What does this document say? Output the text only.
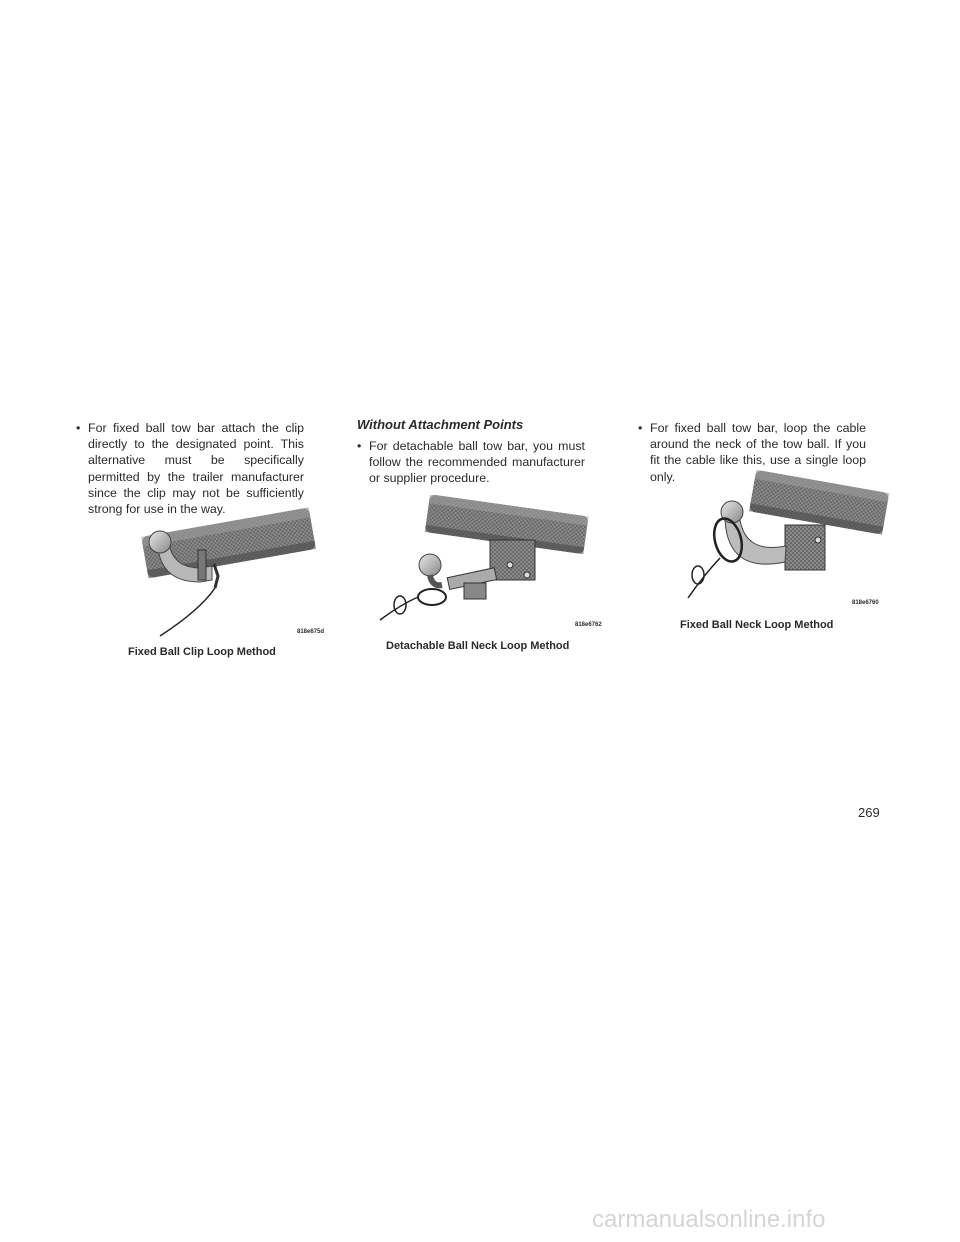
• For fixed ball tow bar attach the clip directly to the designated point. This alternative must be specifically permitted by the trailer manufacturer since the clip may not be sufficiently strong for use in the way.
818e675d
Fixed Ball Clip Loop Method
Without Attachment Points
• For detachable ball tow bar, you must follow the recommended manufacturer or supplier procedure.
818e6762
Detachable Ball Neck Loop Method
• For fixed ball tow bar, loop the cable around the neck of the tow ball. If you fit the cable like this, use a single loop only.
818e6760
Fixed Ball Neck Loop Method
269
carmanualsonline.info
